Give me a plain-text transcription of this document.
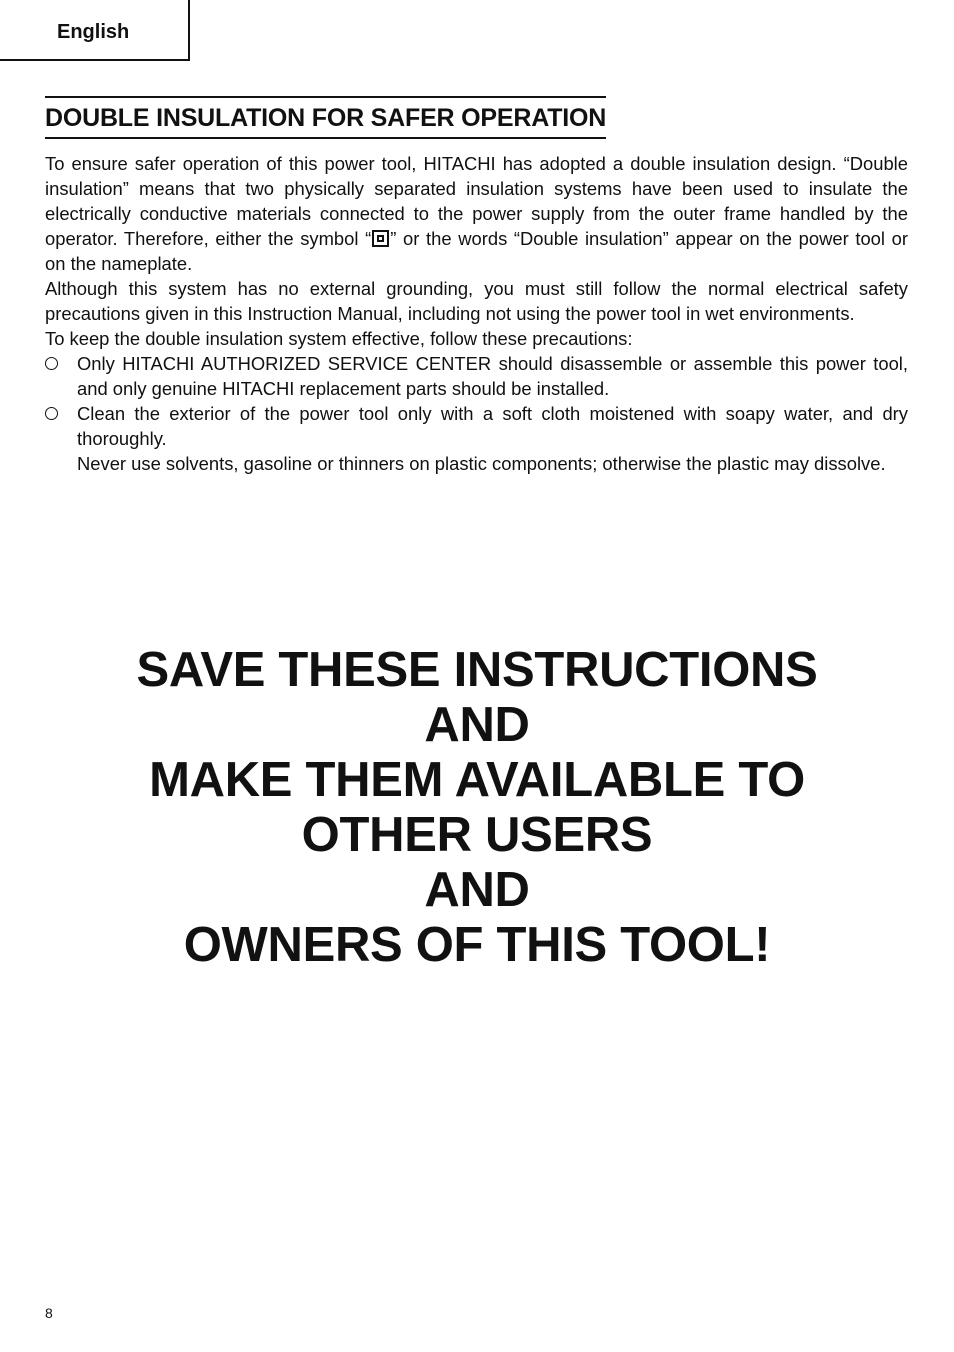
English
DOUBLE INSULATION FOR SAFER OPERATION

To ensure safer operation of this power tool, HITACHI has adopted a double insulation design. “Double insulation” means that two physically separated insulation systems have been used to insulate the electrically conductive materials connected to the power supply from the outer frame handled by the operator. Therefore, either the symbol “ ” or the words “Double insulation” appear on the power tool or on the nameplate.

Although this system has no external grounding, you must still follow the normal electrical safety precautions given in this Instruction Manual, including not using the power tool in wet environments.

To keep the double insulation system effective, follow these precautions:

Only HITACHI AUTHORIZED SERVICE CENTER should disassemble or assemble this power tool, and only genuine HITACHI replacement parts should be installed.

Clean the exterior of the power tool only with a soft cloth moistened with soapy water, and dry thoroughly.

Never use solvents, gasoline or thinners on plastic components; otherwise the plastic may dissolve.

SAVE THESE INSTRUCTIONS
AND
MAKE THEM AVAILABLE TO
OTHER USERS
AND
OWNERS OF THIS TOOL!
8
